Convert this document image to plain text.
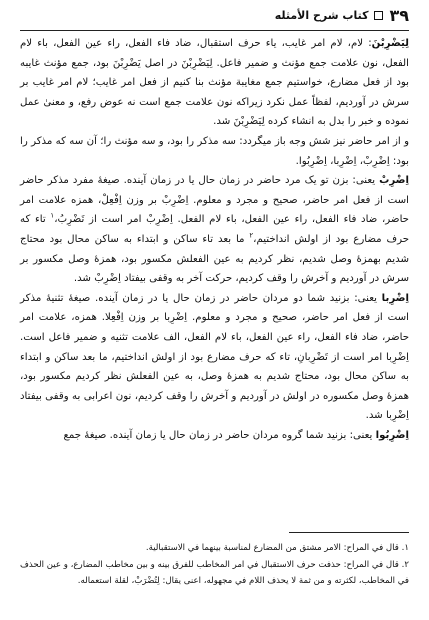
۳۹
کتاب شرح الأمثله

لِيَضْرِبْنَ: لام، لام امر غايب، ياء حرف استقبال، ضاد فاء الفعل، راء عين الفعل، باء لام الفعل، نون علامت جمع مؤنث و ضمير فاعل. لِيَضْرِبْنَ در اصل يَضْرِبْنَ بود، جمع مؤنث غايبه بود از فعل مضارع، خواستيم جمع مغايبة مؤنث بنا كنيم از فعل امر غايب؛ لام امر غايب بر سرش در آورديم، لفظاً عمل نكرد زيراكه نون علامت جمع است نه عوض رفع، و معنیٰ عمل نموده و خبر را بدل به انشاء كرده لِيَضْرِبْنَ شد.

و از امر حاضر نيز شش وجه باز میگردد: سه مذكر را بود، و سه مؤنث را؛ آن سه كه مذكر را بود: اِضْرِبْ، اِضْرِبا، اِضْرِبُوا.

اِضْرِبْ يعنى: بزن تو يک مرد حاضر در زمان حال يا در زمان آينده. صيغهٔ مفرد مذكر حاضر است از فعل امر حاضر، صحيح و مجرد و معلوم. اِضْرِبْ بر وزن اِفْعِلْ، همزه علامت امر حاضر، ضاد فاء الفعل، راء عين الفعل، باء لام الفعل. اِضْرِبْ امر است از تَضْرِبُ،$^۱$ تاء كه حرف مضارع بود از اولش انداختيم،$^۲$ ما بعد تاء ساكن و ابتداء به ساكن محال بود محتاج شديم بهمزهٔ وصل شديم، نظر كرديم به عين الفعلش مكسور بود، همزهٔ وصل مكسور بر سرش در آورديم و آخرش را وقف كرديم، حركت آخر به وقفى بيفتاد اِضْرِبْ شد.

اِضْرِبا يعنى: بزنيد شما دو مردان حاضر در زمان حال يا در زمان آينده. صيغهٔ تثنيهٔ مذكر است از فعل امر حاضر، صحيح و مجرد و معلوم. اِضْرِبا بر وزن اِفْعِلا. همزه، علامت امر حاضر، ضاد فاء الفعل، راء عين الفعل، باء لام الفعل، الف علامت تثنيه و ضمير فاعل است. اِضْرِبا امر است از تَضْرِبانِ، تاء كه حرف مضارع بود از اولش انداختيم، ما بعد ساكن و ابتداء به ساكن محال بود، محتاج شديم به همزهٔ وصل، به عين الفعلش نظر كرديم مكسور بود، همزهٔ وصل مكسوره در اولش در آورديم و آخرش را وقف كرديم، نون اعرابى به وقفى بيفتاد اِضْرِبا شد.

اِضْرِبُوا يعنى: بزنيد شما گروه مردان حاضر در زمان حال يا زمان آينده. صيغهٔ جمع

۱. قال في المراح: الامر مشتق من المضارع لمناسبة بينهما في الاستقبالية.

۲. قال في المراح: حذفت حرف الاستقبال في امر المخاطب للفرق بينه و بين مخاطب المضارع، و عين الحذف في المخاطب، لكثرته و من ثمة لا يحذف اللام في مجهوله، اعنى يقال: لِتُضْرَبْ، لقلة استعماله.
